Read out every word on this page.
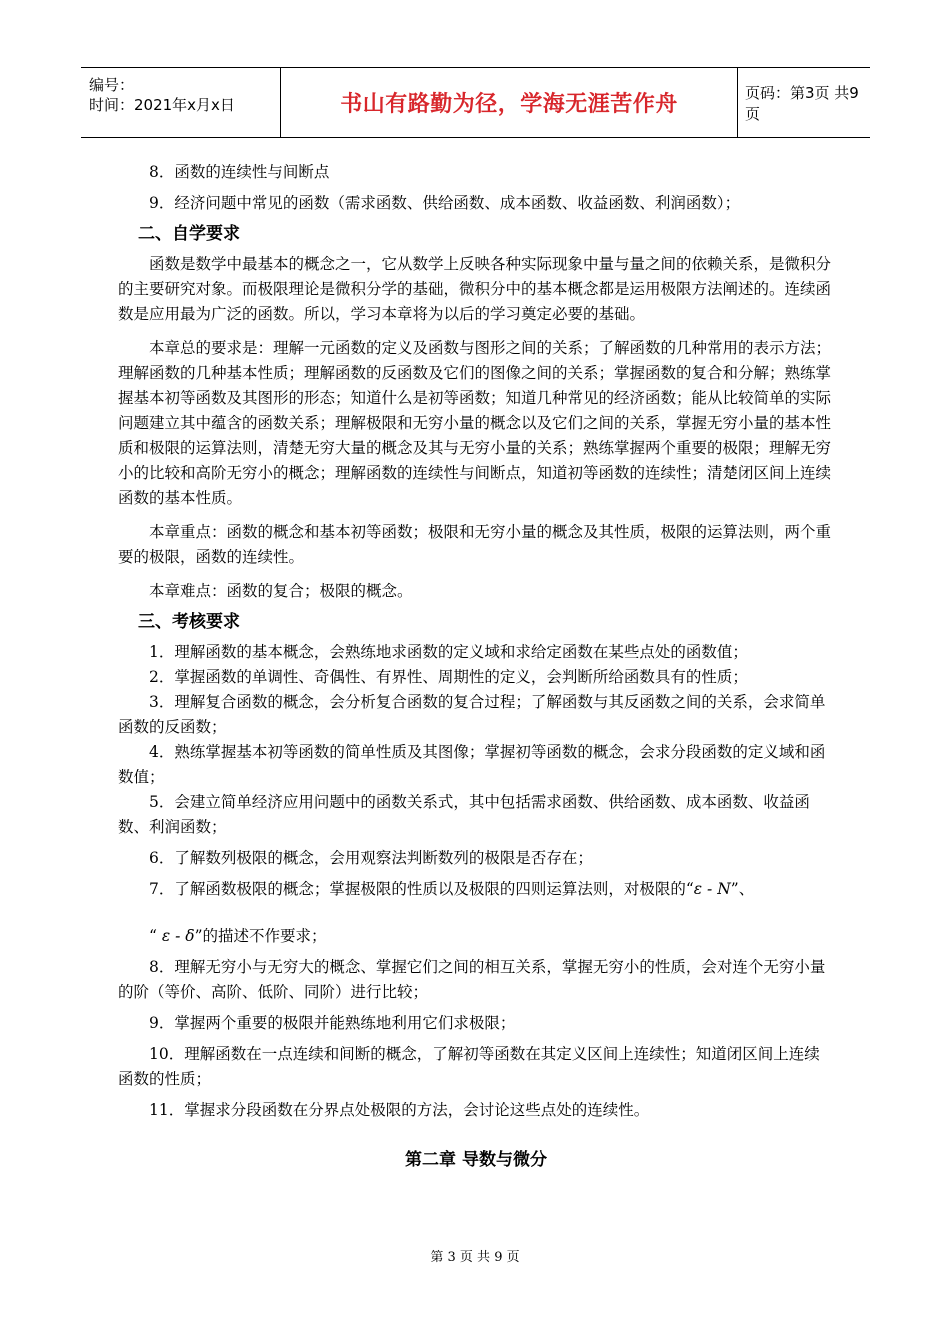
编号：
时间：2021年x月x日	书山有路勤为径，学海无涯苦作舟	页码：第3页 共9页

8．函数的连续性与间断点

9．经济问题中常见的函数（需求函数、供给函数、成本函数、收益函数、利润函数）；

二、自学要求

函数是数学中最基本的概念之一，它从数学上反映各种实际现象中量与量之间的依赖关系，是微积分的主要研究对象。而极限理论是微积分学的基础，微积分中的基本概念都是运用极限方法阐述的。连续函数是应用最为广泛的函数。所以，学习本章将为以后的学习奠定必要的基础。

本章总的要求是：理解一元函数的定义及函数与图形之间的关系；了解函数的几种常用的表示方法；理解函数的几种基本性质；理解函数的反函数及它们的图像之间的关系；掌握函数的复合和分解；熟练掌握基本初等函数及其图形的形态；知道什么是初等函数；知道几种常见的经济函数；能从比较简单的实际问题建立其中蕴含的函数关系；理解极限和无穷小量的概念以及它们之间的关系，掌握无穷小量的基本性质和极限的运算法则，清楚无穷大量的概念及其与无穷小量的关系；熟练掌握两个重要的极限；理解无穷小的比较和高阶无穷小的概念；理解函数的连续性与间断点，知道初等函数的连续性；清楚闭区间上连续函数的基本性质。

本章重点：函数的概念和基本初等函数；极限和无穷小量的概念及其性质，极限的运算法则，两个重要的极限，函数的连续性。

本章难点：函数的复合；极限的概念。

三、考核要求

1．理解函数的基本概念，会熟练地求函数的定义域和求给定函数在某些点处的函数值；

2．掌握函数的单调性、奇偶性、有界性、周期性的定义，会判断所给函数具有的性质；

3．理解复合函数的概念，会分析复合函数的复合过程；了解函数与其反函数之间的关系，会求简单函数的反函数；

4．熟练掌握基本初等函数的简单性质及其图像；掌握初等函数的概念，会求分段函数的定义域和函数值；

5．会建立简单经济应用问题中的函数关系式，其中包括需求函数、供给函数、成本函数、收益函数、利润函数；

6．了解数列极限的概念，会用观察法判断数列的极限是否存在；

7．了解函数极限的概念；掌握极限的性质以及极限的四则运算法则，对极限的“ε - N”、

“ ε - δ”的描述不作要求；

8．理解无穷小与无穷大的概念、掌握它们之间的相互关系，掌握无穷小的性质，会对连个无穷小量的阶（等价、高阶、低阶、同阶）进行比较；

9．掌握两个重要的极限并能熟练地利用它们求极限；

10．理解函数在一点连续和间断的概念，了解初等函数在其定义区间上连续性；知道闭区间上连续函数的性质；

11．掌握求分段函数在分界点处极限的方法，会讨论这些点处的连续性。

第二章 导数与微分
第 3 页 共 9 页
